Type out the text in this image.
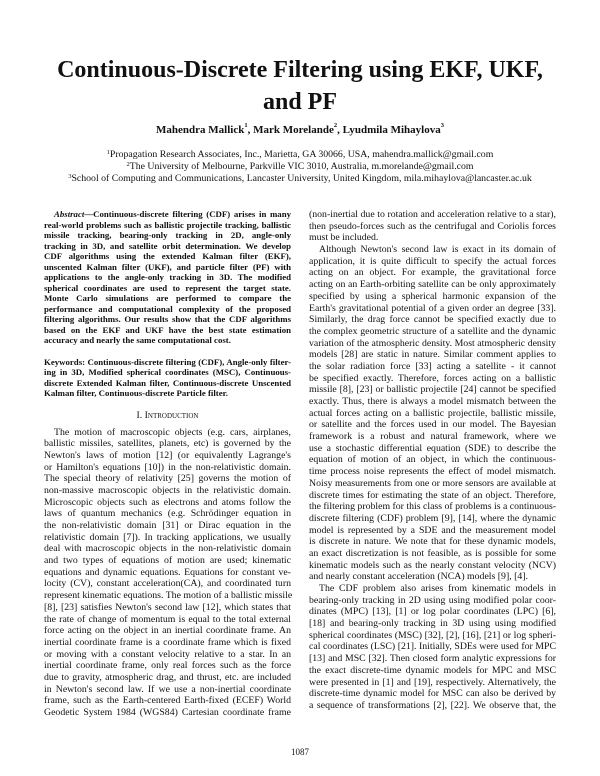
Continuous-Discrete Filtering using EKF, UKF,
and PF
Mahendra Mallick$^1$, Mark Morelande$^2$, Lyudmila Mihaylova$^3$
$^1$Propagation Research Associates, Inc., Marietta, GA 30066, USA, mahendra.mallick@gmail.com
$^2$The University of Melbourne, Parkville VIC 3010, Australia, m.morelande@gmail.com
$^3$School of Computing and Communications, Lancaster University, United Kingdom, mila.mihaylova@lancaster.ac.uk
Abstract—Continuous-discrete filtering (CDF) arises in many
real-world problems such as ballistic projectile tracking, ballistic
missile tracking, bearing-only tracking in 2D, angle-only
tracking in 3D, and satellite orbit determination. We develop
CDF algorithms using the extended Kalman filter (EKF),
unscented Kalman filter (UKF), and particle filter (PF) with
applications to the angle-only tracking in 3D. The modified
spherical coordinates are used to represent the target state.
Monte Carlo simulations are performed to compare the
performance and computational complexity of the proposed
filtering algorithms. Our results show that the CDF algorithms
based on the EKF and UKF have the best state estimation
accuracy and nearly the same computational cost.
Keywords: Continuous-discrete filtering (CDF), Angle-only filter-
ing in 3D, Modified spherical coordinates (MSC), Continuous-
discrete Extended Kalman filter, Continuous-discrete Unscented
Kalman filter, Continuous-discrete Particle filter.
I. Introduction
The motion of macroscopic objects (e.g. cars, airplanes,
ballistic missiles, satellites, planets, etc) is governed by the
Newton's laws of motion [12] (or equivalently Lagrange's
or Hamilton's equations [10]) in the non-relativistic domain.
The special theory of relativity [25] governs the motion of
non-massive macroscopic objects in the relativistic domain.
Microscopic objects such as electrons and atoms follow the
laws of quantum mechanics (e.g. Schrödinger equation in
the non-relativistic domain [31] or Dirac equation in the
relativistic domain [7]). In tracking applications, we usually
deal with macroscopic objects in the non-relativistic domain
and two types of equations of motion are used; kinematic
equations and dynamic equations. Equations for constant ve-
locity (CV), constant acceleration(CA), and coordinated turn
represent kinematic equations. The motion of a ballistic missile
[8], [23] satisfies Newton's second law [12], which states that
the rate of change of momentum is equal to the total external
force acting on the object in an inertial coordinate frame. An
inertial coordinate frame is a coordinate frame which is fixed
or moving with a constant velocity relative to a star. In an
inertial coordinate frame, only real forces such as the force
due to gravity, atmospheric drag, and thrust, etc. are included
in Newton's second law. If we use a non-inertial coordinate
frame, such as the Earth-centered Earth-fixed (ECEF) World
Geodetic System 1984 (WGS84) Cartesian coordinate frame
(non-inertial due to rotation and acceleration relative to a star),
then pseudo-forces such as the centrifugal and Coriolis forces
must be included.
Although Newton's second law is exact in its domain of
application, it is quite difficult to specify the actual forces
acting on an object. For example, the gravitational force
acting on an Earth-orbiting satellite can be only approximately
specified by using a spherical harmonic expansion of the
Earth's gravitational potential of a given order an degree [33].
Similarly, the drag force cannot be specified exactly due to
the complex geometric structure of a satellite and the dynamic
variation of the atmospheric density. Most atmospheric density
models [28] are static in nature. Similar comment applies to
the solar radiation force [33] acting a satellite - it cannot
be specified exactly. Therefore, forces acting on a ballistic
missile [8], [23] or ballistic projectile [24] cannot be specified
exactly. Thus, there is always a model mismatch between the
actual forces acting on a ballistic projectile, ballistic missile,
or satellite and the forces used in our model. The Bayesian
framework is a robust and natural framework, where we
use a stochastic differential equation (SDE) to describe the
equation of motion of an object, in which the continuous-
time process noise represents the effect of model mismatch.
Noisy measurements from one or more sensors are available at
discrete times for estimating the state of an object. Therefore,
the filtering problem for this class of problems is a continuous-
discrete filtering (CDF) problem [9], [14], where the dynamic
model is represented by a SDE and the measurement model
is discrete in nature. We note that for these dynamic models,
an exact discretization is not feasible, as is possible for some
kinematic models such as the nearly constant velocity (NCV)
and nearly constant acceleration (NCA) models [9], [4].
The CDF problem also arises from kinematic models in
bearing-only tracking in 2D using using modified polar coor-
dinates (MPC) [13], [1] or log polar coordinates (LPC) [6],
[18] and bearing-only tracking in 3D using using modified
spherical coordinates (MSC) [32], [2], [16], [21] or log spheri-
cal coordinates (LSC) [21]. Initially, SDEs were used for MPC
[13] and MSC [32]. Then closed form analytic expressions for
the exact discrete-time dynamic models for MPC and MSC
were presented in [1] and [19], respectively. Alternatively, the
discrete-time dynamic model for MSC can also be derived by
a sequence of transformations [2], [22]. We observe that, the
1087
